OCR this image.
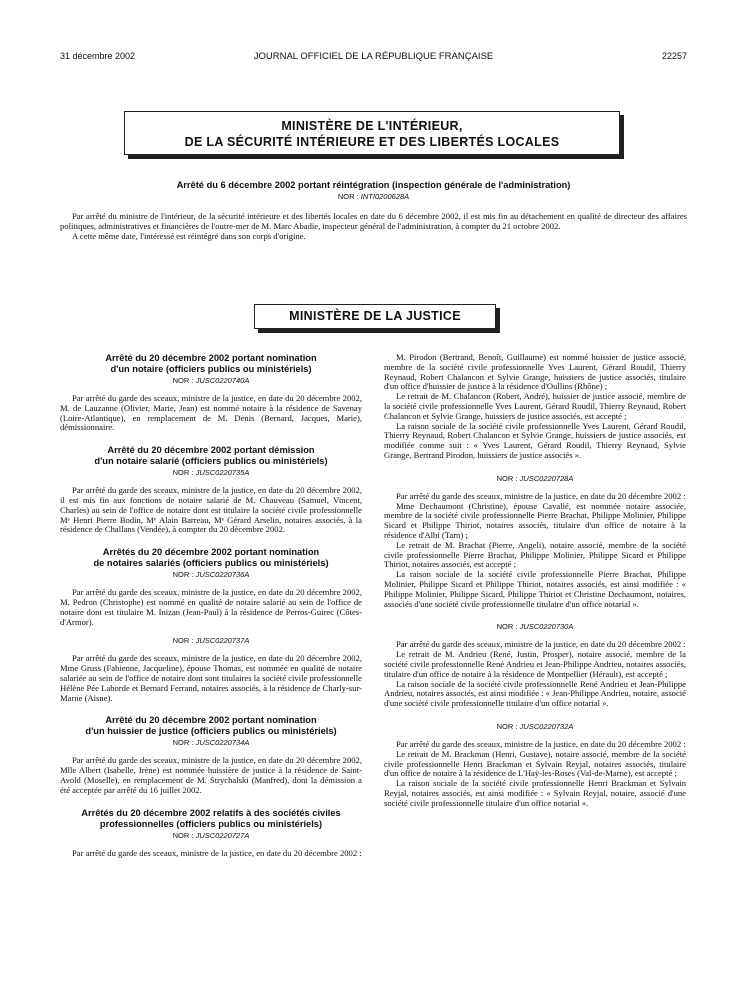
31 décembre 2002	JOURNAL OFFICIEL DE LA RÉPUBLIQUE FRANÇAISE	22257
MINISTÈRE DE L'INTÉRIEUR,
DE LA SÉCURITÉ INTÉRIEURE ET DES LIBERTÉS LOCALES
Arrêté du 6 décembre 2002 portant réintégration (inspection générale de l'administration)
NOR : INTI0200628A

Par arrêté du ministre de l'intérieur, de la sécurité intérieure et des libertés locales en date du 6 décembre 2002, il est mis fin au détachement en qualité de directeur des affaires politiques, administratives et financières de l'outre-mer de M. Marc Abadie, inspecteur général de l'administration, à compter du 21 octobre 2002.

A cette même date, l'intéressé est réintégré dans son corps d'origine.

MINISTÈRE DE LA JUSTICE
Arrêté du 20 décembre 2002 portant nomination
d'un notaire (officiers publics ou ministériels)
NOR : JUSC0220740A

Par arrêté du garde des sceaux, ministre de la justice, en date du 20 décembre 2002, M. de Lauzanne (Olivier, Marie, Jean) est nommé notaire à la résidence de Savenay (Loire-Atlantique), en remplacement de M. Denis (Bernard, Jacques, Marie), démissionnaire.

Arrêté du 20 décembre 2002 portant démission
d'un notaire salarié (officiers publics ou ministériels)
NOR : JUSC0220735A

Par arrêté du garde des sceaux, ministre de la justice, en date du 20 décembre 2002, il est mis fin aux fonctions de notaire salarié de M. Chauveau (Samuel, Vincent, Charles) au sein de l'office de notaire dont est titulaire la société civile professionnelle Mᵉ Henri Pierre Bodin, Mᵉ Alain Barreau, Mᵉ Gérard Arselin, notaires associés, à la résidence de Challans (Vendée), à compter du 20 décembre 2002.

Arrêtés du 20 décembre 2002 portant nomination
de notaires salariés (officiers publics ou ministériels)
NOR : JUSC0220736A

Par arrêté du garde des sceaux, ministre de la justice, en date du 20 décembre 2002, M. Pedron (Christophe) est nommé en qualité de notaire salarié au sein de l'office de notaire dont est titulaire M. Inizan (Jean-Paul) à la résidence de Perros-Guirec (Côtes-d'Armor).

NOR : JUSC0220737A

Par arrêté du garde des sceaux, ministre de la justice, en date du 20 décembre 2002, Mme Gruss (Fabienne, Jacqueline), épouse Thomas, est nommée en qualité de notaire salariée au sein de l'office de notaire dont sont titulaires la société civile professionnelle Hélène Pée Laborde et Bernard Ferrand, notaires associés, à la résidence de Charly-sur-Marne (Aisne).

Arrêté du 20 décembre 2002 portant nomination
d'un huissier de justice (officiers publics ou ministériels)
NOR : JUSC0220734A

Par arrêté du garde des sceaux, ministre de la justice, en date du 20 décembre 2002, Mlle Albert (Isabelle, Irène) est nommée huissière de justice à la résidence de Saint-Avold (Moselle), en remplacement de M. Strychalski (Manfred), dont la démission a été acceptée par arrêté du 16 juillet 2002.

Arrêtés du 20 décembre 2002 relatifs à des sociétés civiles
professionnelles (officiers publics ou ministériels)
NOR : JUSC0220727A

Par arrêté du garde des sceaux, ministre de la justice, en date du 20 décembre 2002 :

M. Pirodon (Bertrand, Benoît, Guillaume) est nommé huissier de justice associé, membre de la société civile professionnelle Yves Laurent, Gérard Roudil, Thierry Reynaud, Robert Chalancon et Sylvie Grange, huissiers de justice associés, titulaire d'un office d'huissier de justice à la résidence d'Oullins (Rhône) ;

Le retrait de M. Chalancon (Robert, André), huissier de justice associé, membre de la société civile professionnelle Yves Laurent, Gérard Roudil, Thierry Reynaud, Robert Chalancon et Sylvie Grange, huissiers de justice associés, est accepté ;

La raison sociale de la société civile professionnelle Yves Laurent, Gérard Roudil, Thierry Reynaud, Robert Chalancon et Sylvie Grange, huissiers de justice associés, est modifiée comme suit : « Yves Laurent, Gérard Roudil, Thierry Reynaud, Sylvie Grange, Bertrand Pirodon, huissiers de justice associés ».

NOR : JUSC0220728A

Par arrêté du garde des sceaux, ministre de la justice, en date du 20 décembre 2002 :

Mme Dechaumont (Christine), épouse Cavalié, est nommée notaire associée, membre de la société civile professionnelle Pierre Brachat, Philippe Molinier, Philippe Sicard et Philippe Thiriot, notaires associés, titulaire d'un office de notaire à la résidence d'Albi (Tarn) ;

Le retrait de M. Brachat (Pierre, Angeli), notaire associé, membre de la société civile professionnelle Pierre Brachat, Philippe Molinier, Philippe Sicard et Philippe Thiriot, notaires associés, est accepté ;

La raison sociale de la société civile professionnelle Pierre Brachat, Philippe Molinier, Philippe Sicard et Philippe Thiriot, notaires associés, est ainsi modifiée : « Philippe Molinier, Philippe Sicard, Philippe Thiriot et Christine Dechaumont, notaires, associés d'une société civile professionnelle titulaire d'un office notarial ».

NOR : JUSC0220730A

Par arrêté du garde des sceaux, ministre de la justice, en date du 20 décembre 2002 :

Le retrait de M. Andrieu (René, Justin, Prosper), notaire associé, membre de la société civile professionnelle René Andrieu et Jean-Philippe Andrieu, notaires associés, titulaire d'un office de notaire à la résidence de Montpellier (Hérault), est accepté ;

La raison sociale de la société civile professionnelle René Andrieu et Jean-Philippe Andrieu, notaires associés, est ainsi modifiée : « Jean-Philippe Andrieu, notaire, associé d'une société civile professionnelle titulaire d'un office notarial ».

NOR : JUSC0220732A

Par arrêté du garde des sceaux, ministre de la justice, en date du 20 décembre 2002 :

Le retrait de M. Brackman (Henri, Gustave), notaire associé, membre de la société civile professionnelle Henri Brackman et Sylvain Reyjal, notaires associés, titulaire d'un office de notaire à la résidence de L'Haÿ-les-Roses (Val-de-Marne), est accepté ;

La raison sociale de la société civile professionnelle Henri Brackman et Sylvain Reyjal, notaires associés, est ainsi modifiée : « Sylvain Reyjal, notaire, associé d'une société civile professionnelle titulaire d'un office notarial ».
